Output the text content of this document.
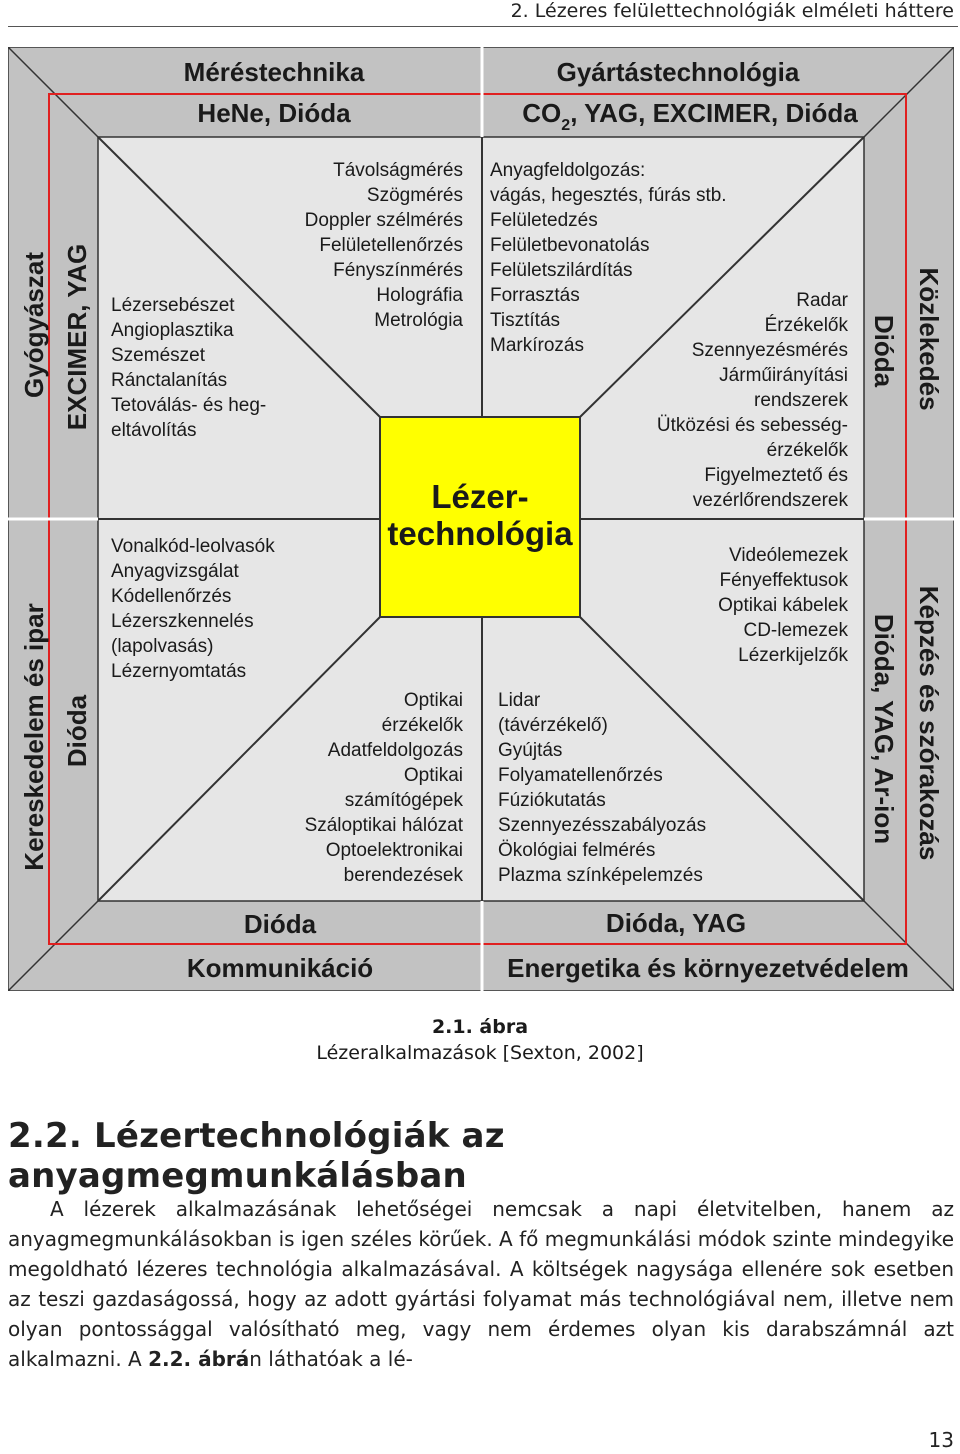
2. Lézeres felülettechnológiák elméleti háttere
Lézer-
technológia
Méréstechnika
HeNe, Dióda
Gyártástechnológia
$CO_2$, YAG, EXCIMER, Dióda
Dióda
Kommunikáció
Dióda, YAG
Energetika és környezetvédelem
Gyógyászat EXCIMER, YAG
Kereskedelem és ipar Dióda
Közlekedés
Dióda
Képzés és szórakozás
Dióda, YAG, Ar-ion
Távolságmérés
Szögmérés
Doppler szélmérés
Felületellenőrzés
Fényszínmérés
Holográfia
Metrológia
Anyagfeldolgozás:
vágás, hegesztés, fúrás stb.
Felületedzés
Felületbevonatolás
Felületszilárdítás
Forrasztás
Tisztítás
Markírozás
Lézersebészet
Angioplasztika
Szemészet
Ránctalanítás
Tetoválás- és heg-
eltávolítás
Radar
Érzékelők
Szennyezésmérés
Járműirányítási
rendszerek
Ütközési és sebesség-
érzékelők
Figyelmeztető és
vezérlőrendszerek
Vonalkód-leolvasók
Anyagvizsgálat
Kódellenőrzés
Lézerszkennelés
(lapolvasás)
Lézernyomtatás
Videólemezek
Fényeffektusok
Optikai kábelek
CD-lemezek
Lézerkijelzők
Optikai
érzékelők
Adatfeldolgozás
Optikai
számítógépek
Száloptikai hálózat
Optoelektronikai
berendezések
Lidar
(távérzékelő)
Gyújtás
Folyamatellenőrzés
Fúziókutatás
Szennyezésszabályozás
Ökológiai felmérés
Plazma színképelemzés
2.1. ábra
Lézeralkalmazások [Sexton, 2002]
2.2. Lézertechnológiák az anyagmegmunkálásban

A lézerek alkalmazásának lehetőségei nemcsak a napi életvitelben, hanem az anyagmegmunkálásokban is igen széles körűek. A fő megmunkálási módok szinte mindegyike megoldható lézeres technológia alkalmazásával. A költségek nagysága ellenére sok esetben az teszi gazdaságossá, hogy az adott gyártási folyamat más technológiával nem, illetve nem olyan pontossággal valósítható meg, vagy nem érdemes olyan kis darabszámnál azt alkalmazni. A 2.2. ábrán láthatóak a lé-

13
